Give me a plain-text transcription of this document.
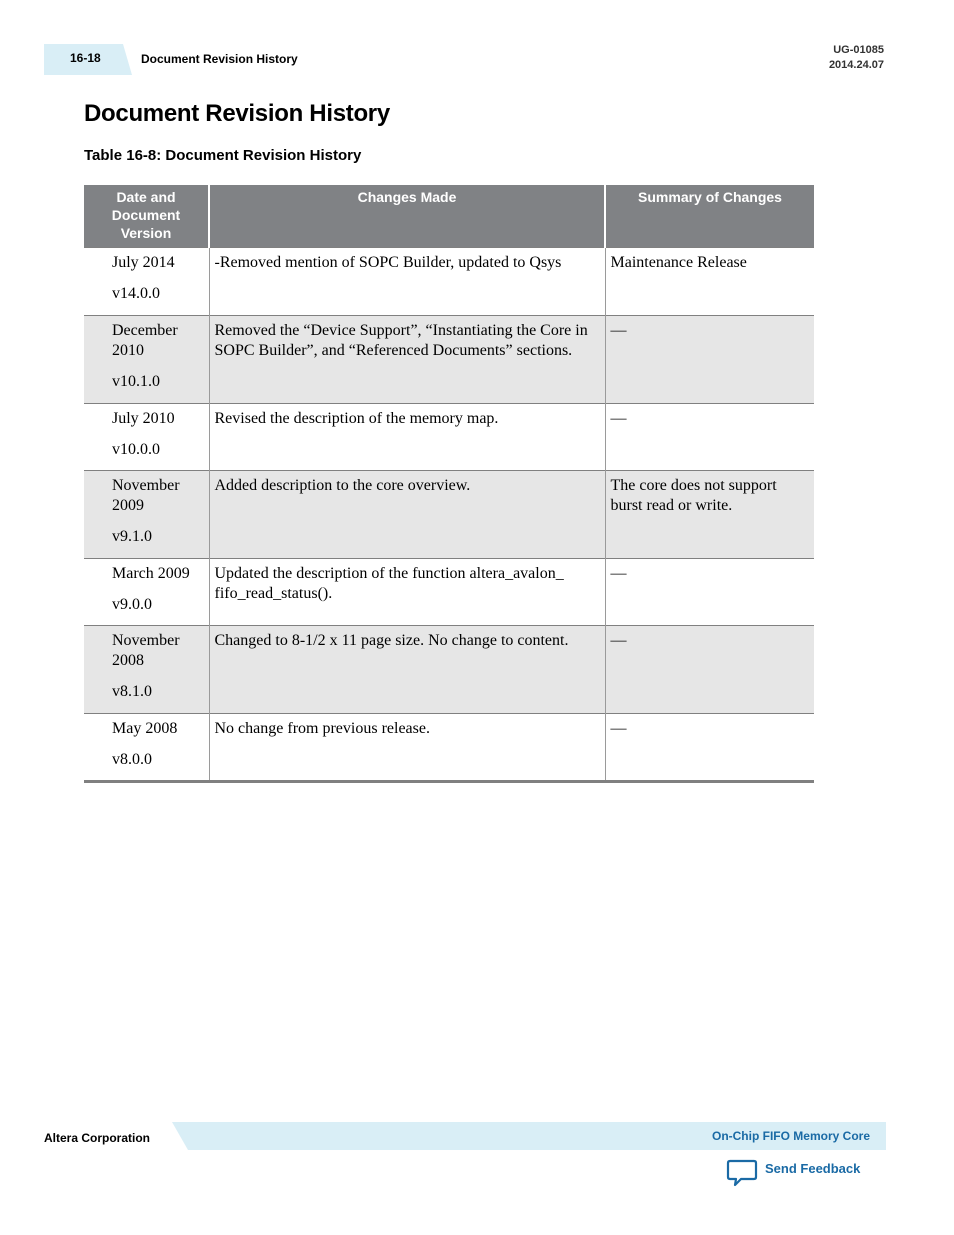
16-18	Document Revision History
UG-01085
2014.24.07
Document Revision History
Table 16-8: Document Revision History
Date and Document Version	Changes Made	Summary of Changes

July 2014
v14.0.0	-Removed mention of SOPC Builder, updated to Qsys	Maintenance Release

December 2010
v10.1.0	Removed the “Device Support”, “Instantiating the Core in SOPC Builder”, and “Referenced Documents” sections.	—

July 2010
v10.0.0	Revised the description of the memory map.	—

November 2009
v9.1.0	Added description to the core overview.	The core does not support burst read or write.

March 2009
v9.0.0	Updated the description of the function altera_avalon_ fifo_read_status().	—

November 2008
v8.1.0	Changed to 8-1/2 x 11 page size. No change to content.	—

May 2008
v8.0.0	No change from previous release.	—
Altera Corporation	On-Chip FIFO Memory Core
Send Feedback
